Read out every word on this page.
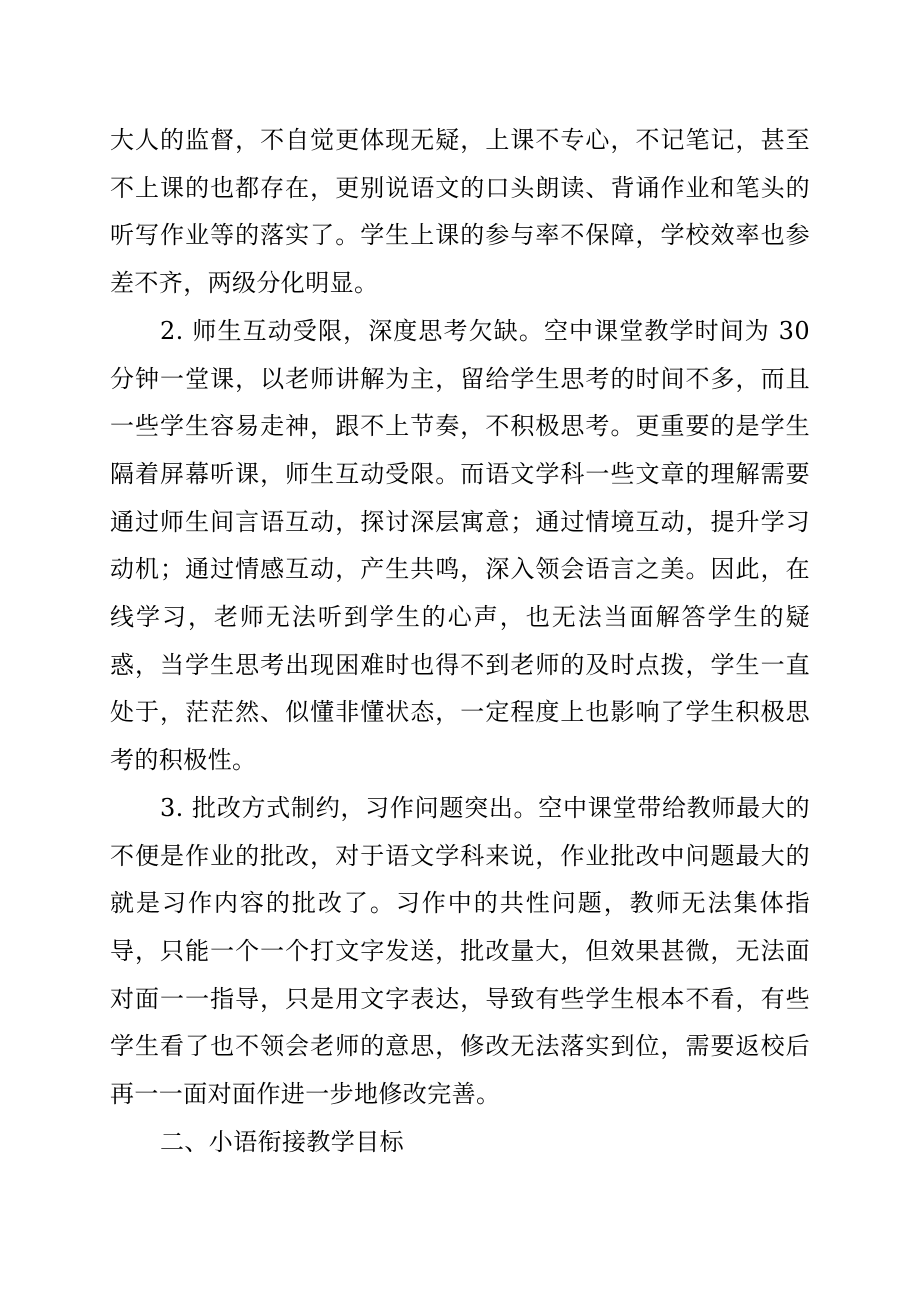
大人的监督，不自觉更体现无疑，上课不专心，不记笔记，甚至不上课的也都存在，更别说语文的口头朗读、背诵作业和笔头的听写作业等的落实了。学生上课的参与率不保障，学校效率也参差不齐，两级分化明显。

2. 师生互动受限，深度思考欠缺。空中课堂教学时间为 30 分钟一堂课，以老师讲解为主，留给学生思考的时间不多，而且一些学生容易走神，跟不上节奏，不积极思考。更重要的是学生隔着屏幕听课，师生互动受限。而语文学科一些文章的理解需要通过师生间言语互动，探讨深层寓意；通过情境互动，提升学习动机；通过情感互动，产生共鸣，深入领会语言之美。因此，在线学习，老师无法听到学生的心声，也无法当面解答学生的疑惑，当学生思考出现困难时也得不到老师的及时点拨，学生一直处于，茫茫然、似懂非懂状态，一定程度上也影响了学生积极思考的积极性。

3. 批改方式制约，习作问题突出。空中课堂带给教师最大的不便是作业的批改，对于语文学科来说，作业批改中问题最大的就是习作内容的批改了。习作中的共性问题，教师无法集体指导，只能一个一个打文字发送，批改量大，但效果甚微，无法面对面一一指导，只是用文字表达，导致有些学生根本不看，有些学生看了也不领会老师的意思，修改无法落实到位，需要返校后再一一面对面作进一步地修改完善。

二、小语衔接教学目标
